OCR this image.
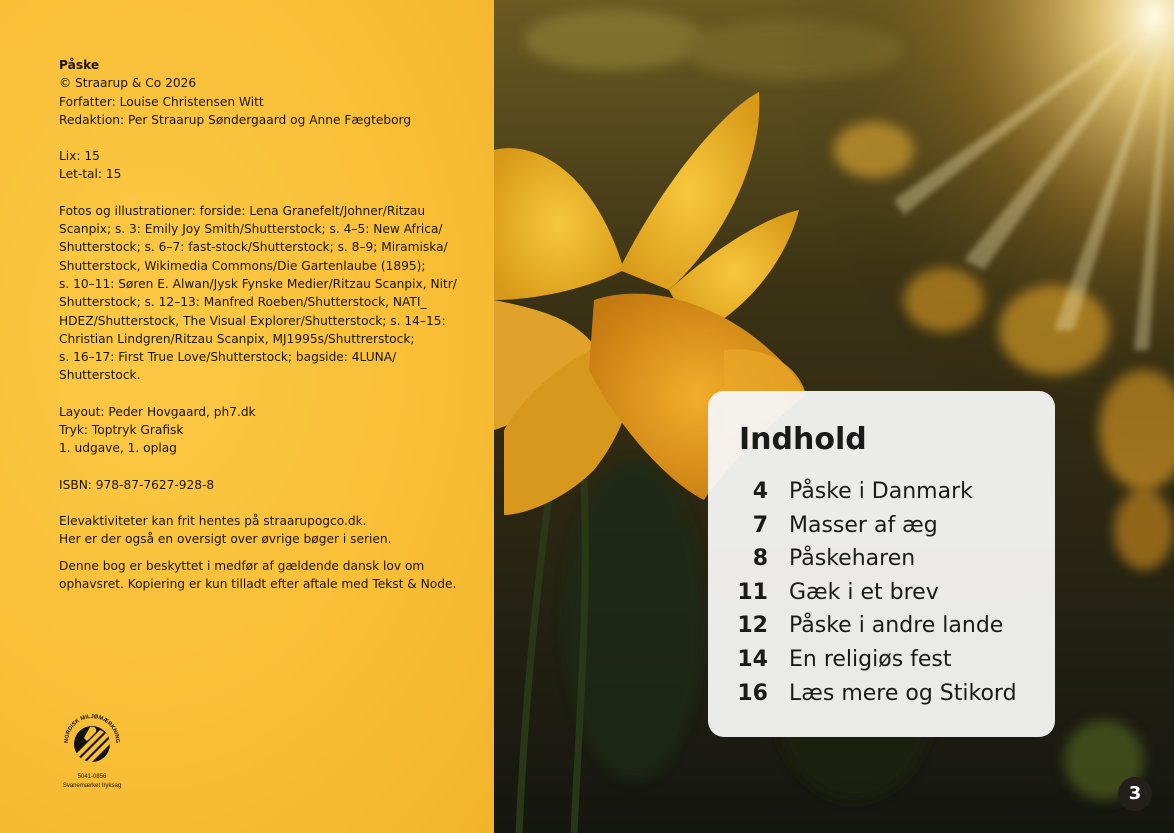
Påske
© Straarup & Co 2026
Forfatter: Louise Christensen Witt
Redaktion: Per Straarup Søndergaard og Anne Fægteborg
Lix: 15
Let-tal: 15
Fotos og illustrationer: forside: Lena Granefelt/Johner/Ritzau
Scanpix; s. 3: Emily Joy Smith/Shutterstock; s. 4–5: New Africa/
Shutterstock; s. 6–7: fast-stock/Shutterstock; s. 8–9; Miramiska/
Shutterstock, Wikimedia Commons/Die Gartenlaube (1895);
s. 10–11: Søren E. Alwan/Jysk Fynske Medier/Ritzau Scanpix, Nitr/
Shutterstock; s. 12–13: Manfred Roeben/Shutterstock, NATI_
HDEZ/Shutterstock, The Visual Explorer/Shutterstock; s. 14–15:
Christian Lindgren/Ritzau Scanpix, MJ1995s/Shuttrerstock;
s. 16–17: First True Love/Shutterstock; bagside: 4LUNA/
Shutterstock.
Layout: Peder Hovgaard, ph7.dk
Tryk: Toptryk Grafisk
1. udgave, 1. oplag
ISBN: 978-87-7627-928-8
Elevaktiviteter kan frit hentes på straarupogco.dk.
Her er der også en oversigt over øvrige bøger i serien.
Denne bog er beskyttet i medfør af gældende dansk lov om
ophavsret. Kopiering er kun tilladt efter aftale med Tekst & Node.
NORDISK MILJØMÆRKNING
5041-0856
Svanemærket tryksag
Indhold
4 Påske i Danmark
7 Masser af æg
8 Påskeharen
11 Gæk i et brev
12 Påske i andre lande
14 En religiøs fest
16 Læs mere og Stikord
3
